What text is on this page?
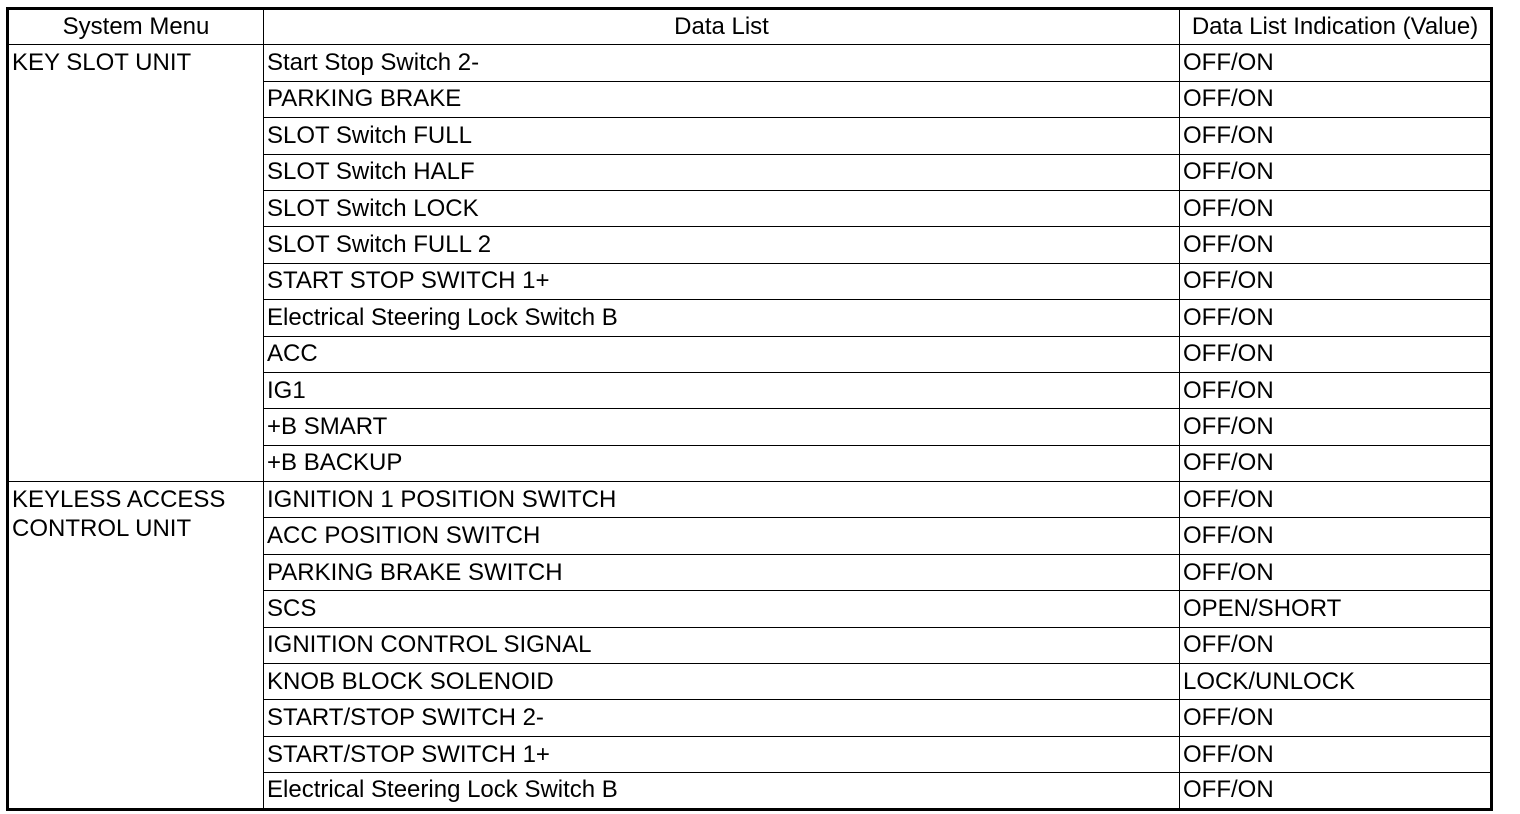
System Menu	Data List	Data List Indication (Value)
KEY SLOT UNIT	Start Stop Switch 2-	OFF/ON
	PARKING BRAKE	OFF/ON
	SLOT Switch FULL	OFF/ON
	SLOT Switch HALF	OFF/ON
	SLOT Switch LOCK	OFF/ON
	SLOT Switch FULL 2	OFF/ON
	START STOP SWITCH 1+	OFF/ON
	Electrical Steering Lock Switch B	OFF/ON
	ACC	OFF/ON
	IG1	OFF/ON
	+B SMART	OFF/ON
	+B BACKUP	OFF/ON
KEYLESS ACCESS CONTROL UNIT	IGNITION 1 POSITION SWITCH	OFF/ON
	ACC POSITION SWITCH	OFF/ON
	PARKING BRAKE SWITCH	OFF/ON
	SCS	OPEN/SHORT
	IGNITION CONTROL SIGNAL	OFF/ON
	KNOB BLOCK SOLENOID	LOCK/UNLOCK
	START/STOP SWITCH 2-	OFF/ON
	START/STOP SWITCH 1+	OFF/ON
	Electrical Steering Lock Switch B	OFF/ON
